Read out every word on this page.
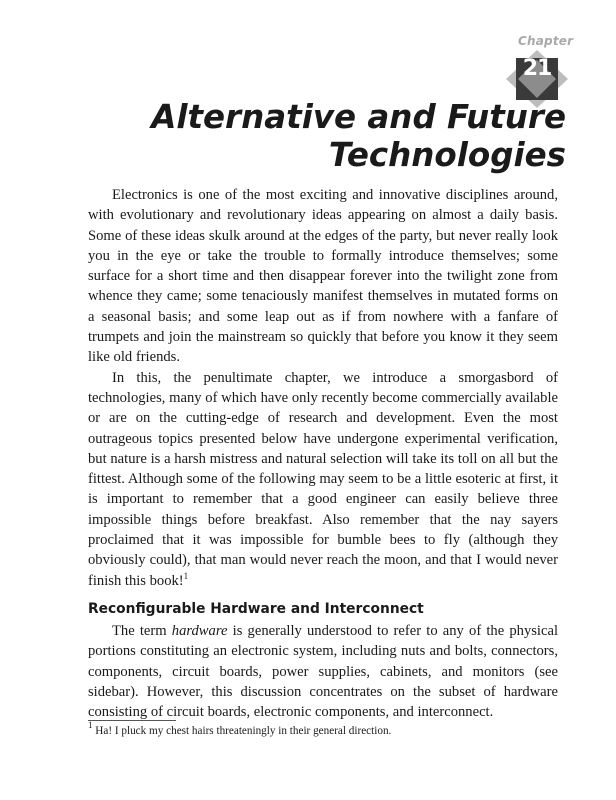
Chapter
21
Alternative and Future
Technologies

Electronics is one of the most exciting and innovative disciplines around, with evolutionary and revolutionary ideas appearing on almost a daily basis. Some of these ideas skulk around at the edges of the party, but never really look you in the eye or take the trouble to formally introduce themselves; some surface for a short time and then disappear forever into the twilight zone from whence they came; some tenaciously manifest themselves in mutated forms on a seasonal basis; and some leap out as if from nowhere with a fanfare of trumpets and join the mainstream so quickly that before you know it they seem like old friends.

In this, the penultimate chapter, we introduce a smorgasbord of technologies, many of which have only recently become commercially available or are on the cutting-edge of research and development. Even the most outrageous topics presented below have undergone experimental verification, but nature is a harsh mistress and natural selection will take its toll on all but the fittest. Although some of the following may seem to be a little esoteric at first, it is important to remember that a good engineer can easily believe three impossible things before breakfast. Also remember that the nay sayers proclaimed that it was impossible for bumble bees to fly (although they obviously could), that man would never reach the moon, and that I would never finish this book!$^1$

Reconfigurable Hardware and Interconnect

The term hardware is generally understood to refer to any of the physical portions constituting an electronic system, including nuts and bolts, connectors, components, circuit boards, power supplies, cabinets, and monitors (see sidebar). However, this discussion concentrates on the subset of hardware consisting of circuit boards, electronic components, and interconnect.

$^1$ Ha! I pluck my chest hairs threateningly in their general direction.
